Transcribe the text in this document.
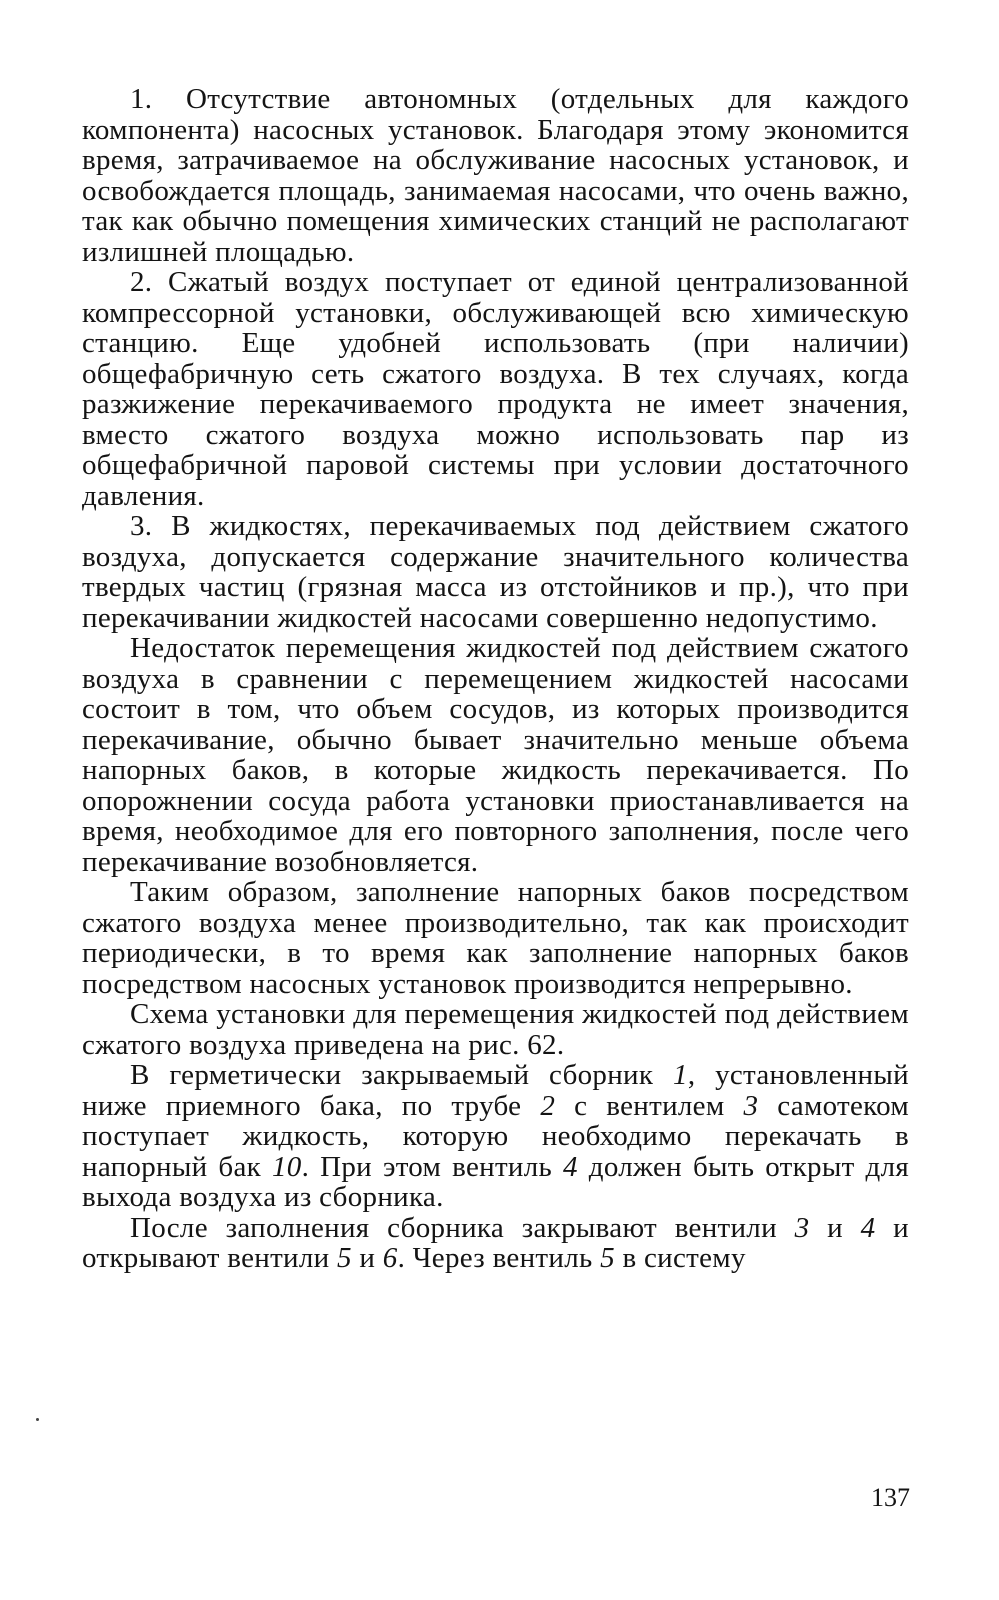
1. Отсутствие автономных (отдельных для каждого компонента) насосных установок. Благодаря этому экономится время, затрачиваемое на обслуживание насосных установок, и освобождается площадь, занимаемая насосами, что очень важно, так как обычно помещения химических станций не располагают излишней площадью.

2. Сжатый воздух поступает от единой централизованной компрессорной установки, обслуживающей всю химическую станцию. Еще удобней использовать (при наличии) общефабричную сеть сжатого воздуха. В тех случаях, когда разжижение перекачиваемого продукта не имеет значения, вместо сжатого воздуха можно использовать пар из общефабричной паровой системы при условии достаточного давления.

3. В жидкостях, перекачиваемых под действием сжатого воздуха, допускается содержание значительного количества твердых частиц (грязная масса из отстойников и пр.), что при перекачивании жидкостей насосами совершенно недопустимо.

Недостаток перемещения жидкостей под действием сжатого воздуха в сравнении с перемещением жидкостей насосами состоит в том, что объем сосудов, из которых производится перекачивание, обычно бывает значительно меньше объема напорных баков, в которые жидкость перекачивается. По опорожнении сосуда работа установки приостанавливается на время, необходимое для его повторного заполнения, после чего перекачивание возобновляется.

Таким образом, заполнение напорных баков посредством сжатого воздуха менее производительно, так как происходит периодически, в то время как заполнение напорных баков посредством насосных установок производится непрерывно.

Схема установки для перемещения жидкостей под действием сжатого воздуха приведена на рис. 62.

В герметически закрываемый сборник 1, установленный ниже приемного бака, по трубе 2 с вентилем 3 самотеком поступает жидкость, которую необходимо перекачать в напорный бак 10. При этом вентиль 4 должен быть открыт для выхода воздуха из сборника.

После заполнения сборника закрывают вентили 3 и 4 и открывают вентили 5 и 6. Через вентиль 5 в систему

137
